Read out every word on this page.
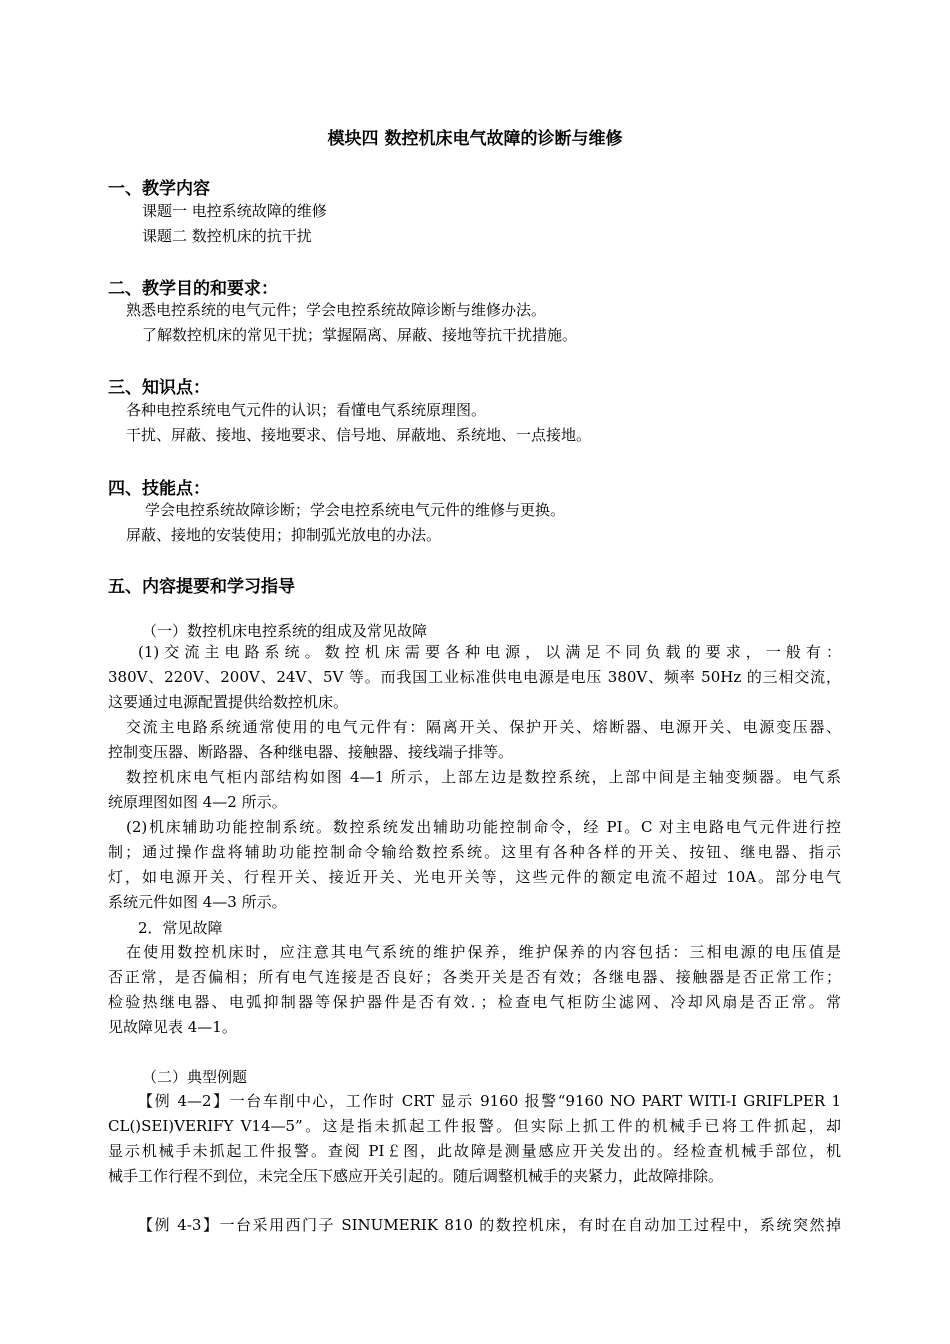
模块四 数控机床电气故障的诊断与维修
一、教学内容
课题一 电控系统故障的维修
课题二 数控机床的抗干扰
二、教学目的和要求：
熟悉电控系统的电气元件；学会电控系统故障诊断与维修办法。
了解数控机床的常见干扰；掌握隔离、屏蔽、接地等抗干扰措施。
三、知识点：
各种电控系统电气元件的认识；看懂电气系统原理图。
干扰、屏蔽、接地、接地要求、信号地、屏蔽地、系统地、一点接地。
四、技能点：
学会电控系统故障诊断；学会电控系统电气元件的维修与更换。
屏蔽、接地的安装使用；抑制弧光放电的办法。
五、内容提要和学习指导
（一）数控机床电控系统的组成及常见故障
(1)交流主电路系统。数控机床需要各种电源，以满足不同负载的要求，一般有：
380V、220V、200V、24V、5V 等。而我国工业标准供电电源是电压 380V、频率 50Hz 的三相交流，
这要通过电源配置提供给数控机床。
交流主电路系统通常使用的电气元件有：隔离开关、保护开关、熔断器、电源开关、电源变压器、
控制变压器、断路器、各种继电器、接触器、接线端子排等。
数控机床电气柜内部结构如图 4—1 所示，上部左边是数控系统，上部中间是主轴变频器。电气系
统原理图如图 4—2 所示。
(2)机床辅助功能控制系统。数控系统发出辅助功能控制命令，经 PI。C 对主电路电气元件进行控
制；通过操作盘将辅助功能控制命令输给数控系统。这里有各种各样的开关、按钮、继电器、指示
灯，如电源开关、行程开关、接近开关、光电开关等，这些元件的额定电流不超过 10A。部分电气
系统元件如图 4—3 所示。
2．常见故障
在使用数控机床时，应注意其电气系统的维护保养，维护保养的内容包括：三相电源的电压值是
否正常，是否偏相；所有电气连接是否良好；各类开关是否有效；各继电器、接触器是否正常工作；
检验热继电器、电弧抑制器等保护器件是否有效．；检查电气柜防尘滤网、冷却风扇是否正常。常
见故障见表 4—1。
（二）典型例题
【例 4—2】一台车削中心，工作时 CRT 显示 9160 报警“9160 NO PART WITI-I GRIFLPER 1
CL()SEI)VERIFY V14—5”。这是指未抓起工件报警。但实际上抓工件的机械手已将工件抓起，却
显示机械手未抓起工件报警。查阅 PI￡图，此故障是测量感应开关发出的。经检查机械手部位，机
械手工作行程不到位，未完全压下感应开关引起的。随后调整机械手的夹紧力，此故障排除。
【例 4-3】一台采用西门子 SINUMERIK 810 的数控机床，有时在自动加工过程中，系统突然掉
